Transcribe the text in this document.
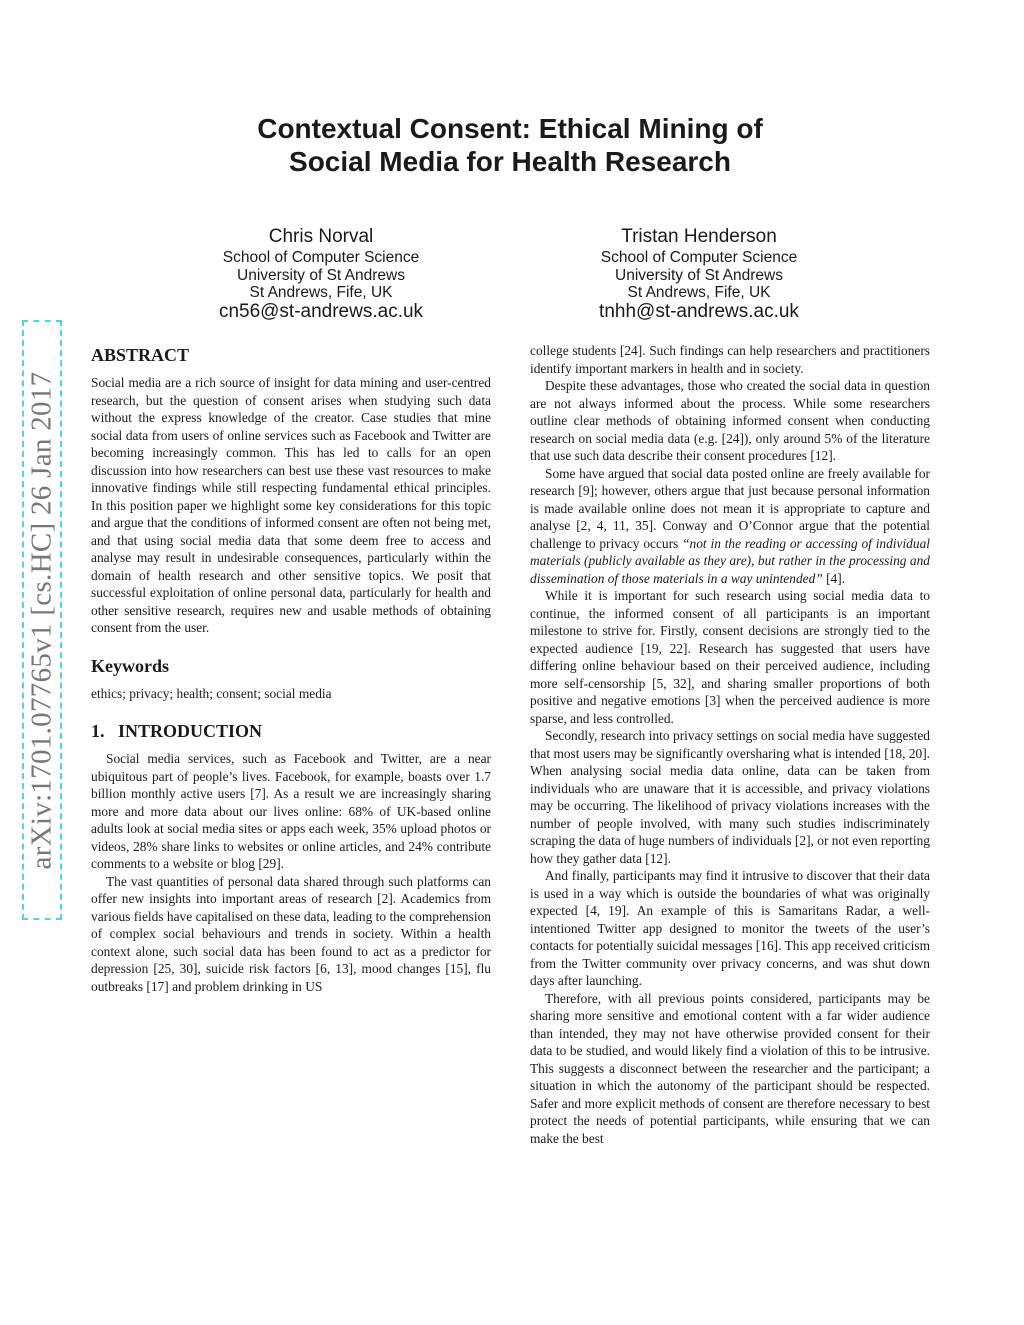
arXiv:1701.07765v1 [cs.HC] 26 Jan 2017
Contextual Consent: Ethical Mining of
Social Media for Health Research
Chris Norval
School of Computer Science
University of St Andrews
St Andrews, Fife, UK
cn56@st-andrews.ac.uk
Tristan Henderson
School of Computer Science
University of St Andrews
St Andrews, Fife, UK
tnhh@st-andrews.ac.uk
ABSTRACT

Social media are a rich source of insight for data mining and user-centred research, but the question of consent arises when studying such data without the express knowledge of the creator. Case studies that mine social data from users of online services such as Facebook and Twitter are becoming increasingly common. This has led to calls for an open discussion into how researchers can best use these vast resources to make innovative findings while still respecting fundamental ethical principles. In this position paper we highlight some key considerations for this topic and argue that the conditions of informed consent are often not being met, and that using social media data that some deem free to access and analyse may result in undesirable consequences, particularly within the domain of health research and other sensitive topics. We posit that successful exploitation of online personal data, particularly for health and other sensitive research, requires new and usable methods of obtaining consent from the user.

Keywords

ethics; privacy; health; consent; social media

1.   INTRODUCTION

Social media services, such as Facebook and Twitter, are a near ubiquitous part of people’s lives. Facebook, for example, boasts over 1.7 billion monthly active users [7]. As a result we are increasingly sharing more and more data about our lives online: 68% of UK-based online adults look at social media sites or apps each week, 35% upload photos or videos, 28% share links to websites or online articles, and 24% contribute comments to a website or blog [29].

The vast quantities of personal data shared through such platforms can offer new insights into important areas of research [2]. Academics from various fields have capitalised on these data, leading to the comprehension of complex social behaviours and trends in society. Within a health context alone, such social data has been found to act as a predictor for depression [25, 30], suicide risk factors [6, 13], mood changes [15], flu outbreaks [17] and problem drinking in US

college students [24]. Such findings can help researchers and practitioners identify important markers in health and in society.

Despite these advantages, those who created the social data in question are not always informed about the process. While some researchers outline clear methods of obtaining informed consent when conducting research on social media data (e.g. [24]), only around 5% of the literature that use such data describe their consent procedures [12].

Some have argued that social data posted online are freely available for research [9]; however, others argue that just because personal information is made available online does not mean it is appropriate to capture and analyse [2, 4, 11, 35]. Conway and O’Connor argue that the potential challenge to privacy occurs “not in the reading or accessing of individual materials (publicly available as they are), but rather in the processing and dissemination of those materials in a way unintended” [4].

While it is important for such research using social media data to continue, the informed consent of all participants is an important milestone to strive for. Firstly, consent decisions are strongly tied to the expected audience [19, 22]. Research has suggested that users have differing online behaviour based on their perceived audience, including more self-censorship [5, 32], and sharing smaller proportions of both positive and negative emotions [3] when the perceived audience is more sparse, and less controlled.

Secondly, research into privacy settings on social media have suggested that most users may be significantly oversharing what is intended [18, 20]. When analysing social media data online, data can be taken from individuals who are unaware that it is accessible, and privacy violations may be occurring. The likelihood of privacy violations increases with the number of people involved, with many such studies indiscriminately scraping the data of huge numbers of individuals [2], or not even reporting how they gather data [12].

And finally, participants may find it intrusive to discover that their data is used in a way which is outside the boundaries of what was originally expected [4, 19]. An example of this is Samaritans Radar, a well-intentioned Twitter app designed to monitor the tweets of the user’s contacts for potentially suicidal messages [16]. This app received criticism from the Twitter community over privacy concerns, and was shut down days after launching.

Therefore, with all previous points considered, participants may be sharing more sensitive and emotional content with a far wider audience than intended, they may not have otherwise provided consent for their data to be studied, and would likely find a violation of this to be intrusive. This suggests a disconnect between the researcher and the participant; a situation in which the autonomy of the participant should be respected. Safer and more explicit methods of consent are therefore necessary to best protect the needs of potential participants, while ensuring that we can make the best
